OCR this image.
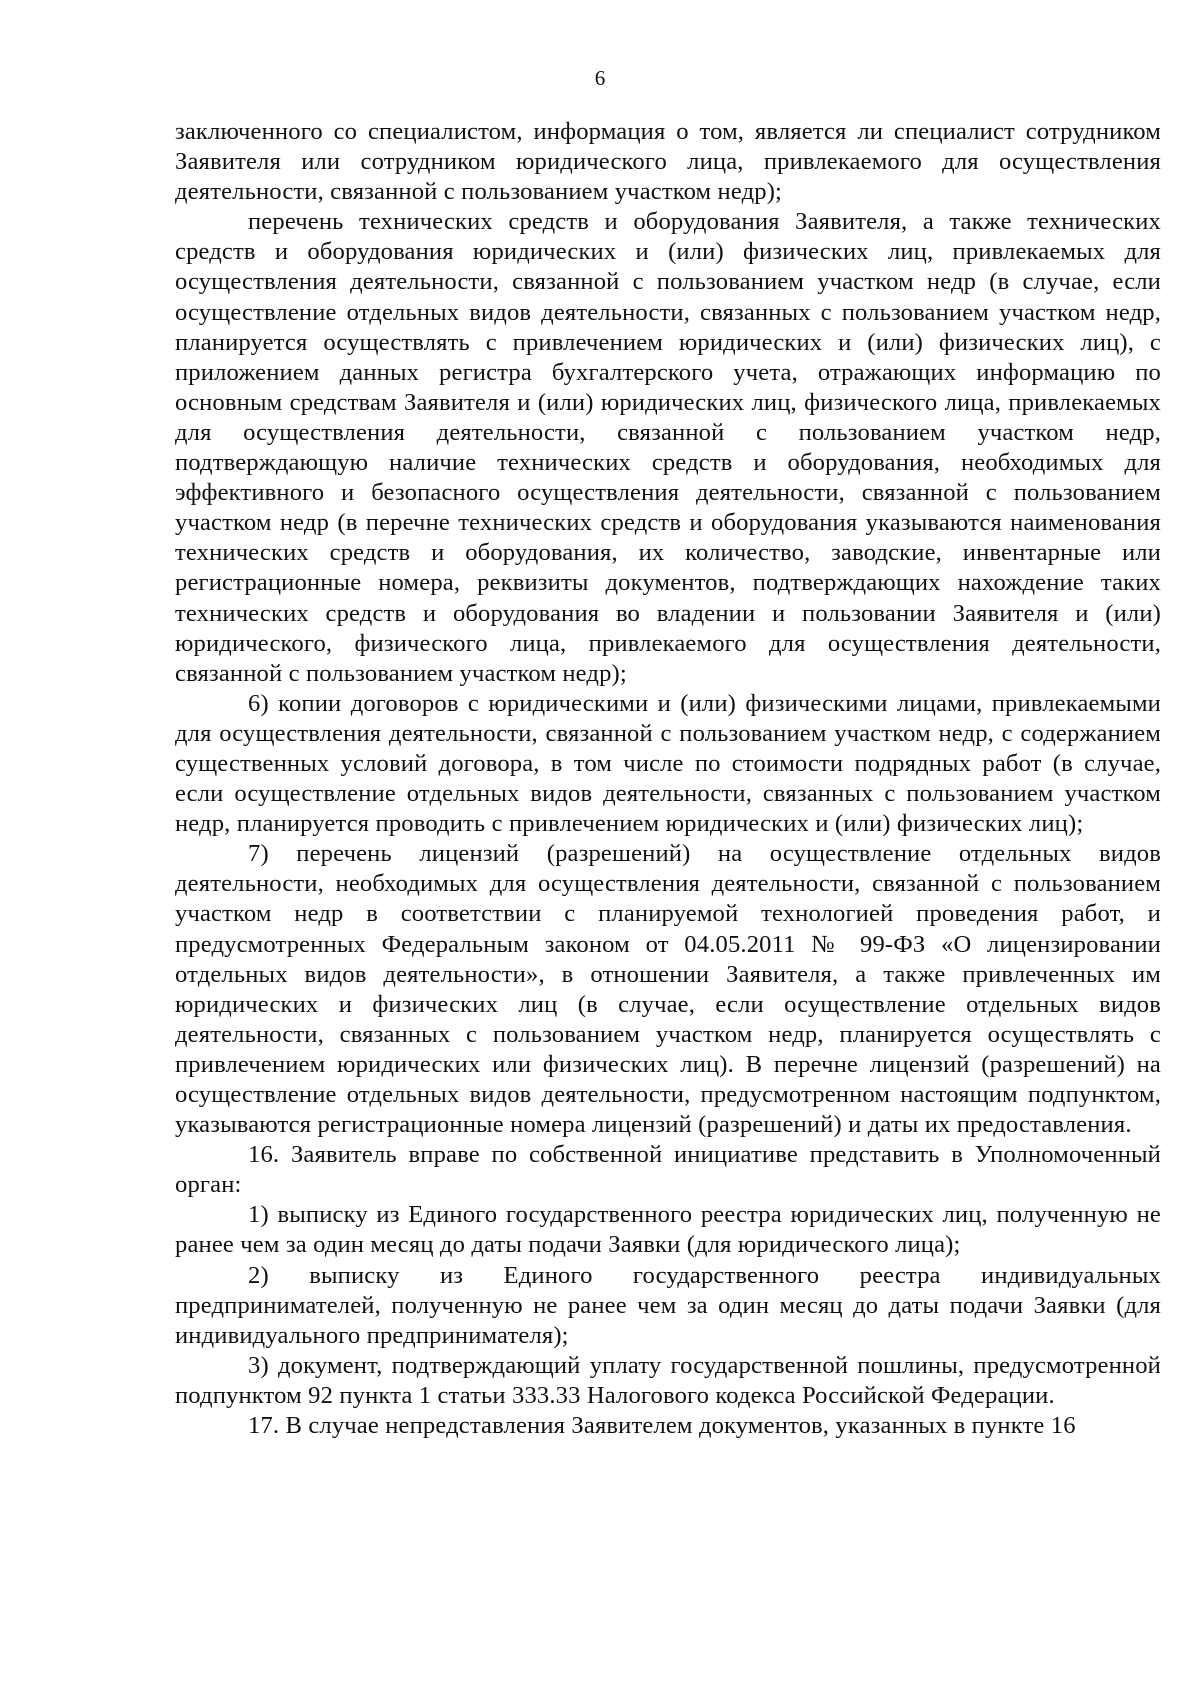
6

заключенного со специалистом, информация о том, является ли специалист сотрудником Заявителя или сотрудником юридического лица, привлекаемого для осуществления деятельности, связанной с пользованием участком недр);

перечень технических средств и оборудования Заявителя, а также технических средств и оборудования юридических и (или) физических лиц, привлекаемых для осуществления деятельности, связанной с пользованием участком недр (в случае, если осуществление отдельных видов деятельности, связанных с пользованием участком недр, планируется осуществлять с привлечением юридических и (или) физических лиц), с приложением данных регистра бухгалтерского учета, отражающих информацию по основным средствам Заявителя и (или) юридических лиц, физического лица, привлекаемых для осуществления деятельности, связанной с пользованием участком недр, подтверждающую наличие технических средств и оборудования, необходимых для эффективного и безопасного осуществления деятельности, связанной с пользованием участком недр (в перечне технических средств и оборудования указываются наименования технических средств и оборудования, их количество, заводские, инвентарные или регистрационные номера, реквизиты документов, подтверждающих нахождение таких технических средств и оборудования во владении и пользовании Заявителя и (или) юридического, физического лица, привлекаемого для осуществления деятельности, связанной с пользованием участком недр);

6) копии договоров с юридическими и (или) физическими лицами, привлекаемыми для осуществления деятельности, связанной с пользованием участком недр, с содержанием существенных условий договора, в том числе по стоимости подрядных работ (в случае, если осуществление отдельных видов деятельности, связанных с пользованием участком недр, планируется проводить с привлечением юридических и (или) физических лиц);

7) перечень лицензий (разрешений) на осуществление отдельных видов деятельности, необходимых для осуществления деятельности, связанной с пользованием участком недр в соответствии с планируемой технологией проведения работ, и предусмотренных Федеральным законом от 04.05.2011 № 99-ФЗ «О лицензировании отдельных видов деятельности», в отношении Заявителя, а также привлеченных им юридических и физических лиц (в случае, если осуществление отдельных видов деятельности, связанных с пользованием участком недр, планируется осуществлять с привлечением юридических или физических лиц). В перечне лицензий (разрешений) на осуществление отдельных видов деятельности, предусмотренном настоящим подпунктом, указываются регистрационные номера лицензий (разрешений) и даты их предоставления.

16. Заявитель вправе по собственной инициативе представить в Уполномоченный орган:

1) выписку из Единого государственного реестра юридических лиц, полученную не ранее чем за один месяц до даты подачи Заявки (для юридического лица);

2) выписку из Единого государственного реестра индивидуальных предпринимателей, полученную не ранее чем за один месяц до даты подачи Заявки (для индивидуального предпринимателя);

3) документ, подтверждающий уплату государственной пошлины, предусмотренной подпунктом 92 пункта 1 статьи 333.33 Налогового кодекса Российской Федерации.

17. В случае непредставления Заявителем документов, указанных в пункте 16
